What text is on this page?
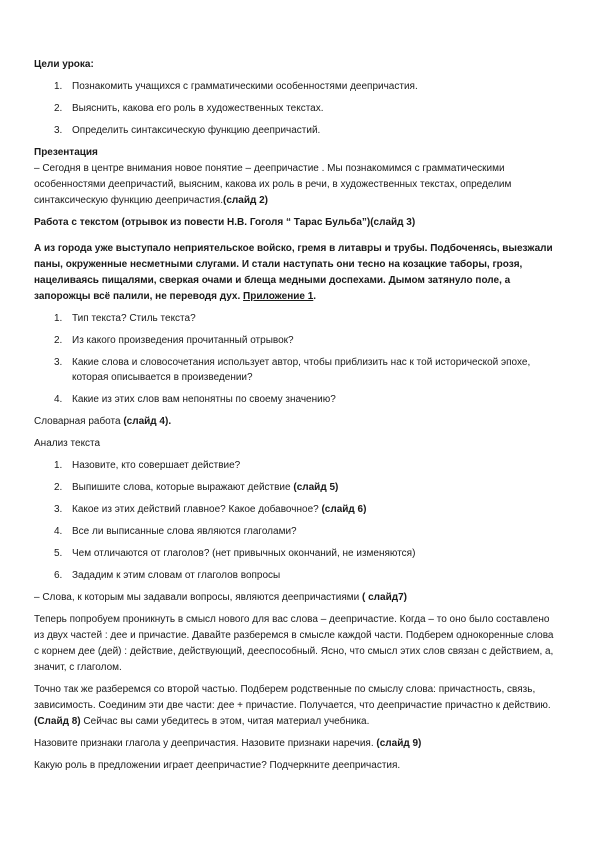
Цели урока:

1. Познакомить учащихся с грамматическими особенностями деепричастия.
2. Выяснить, какова его роль в художественных текстах.
3. Определить синтаксическую функцию деепричастий.

Презентация

– Сегодня в центре внимания новое понятие – деепричастие . Мы познакомимся с грамматическими особенностями деепричастий, выясним, какова их роль в речи, в художественных текстах, определим синтаксическую функцию деепричастия.(слайд 2)

Работа с текстом (отрывок из повести Н.В. Гоголя “ Тарас Бульба”)(слайд 3)

А из города уже выступало неприятельское войско, гремя в литавры и трубы. Подбоченясь, выезжали паны, окруженные несметными слугами. И стали наступать они тесно на козацкие таборы, грозя, нацеливаясь пищалями, сверкая очами и блеща медными доспехами. Дымом затянуло поле, а запорожцы всё палили, не переводя дух. Приложение 1.

1. Тип текста? Стиль текста?
2. Из какого произведения прочитанный отрывок?
3. Какие слова и словосочетания использует автор, чтобы приблизить нас к той исторической эпохе, которая описывается в произведении?
4. Какие из этих слов вам непонятны по своему значению?

Словарная работа (слайд 4).

Анализ текста

1. Назовите, кто совершает действие?
2. Выпишите слова, которые выражают действие (слайд 5)
3. Какое из этих действий главное? Какое добавочное? (слайд 6)
4. Все ли выписанные слова являются глаголами?
5. Чем отличаются от глаголов? (нет привычных окончаний, не изменяются)
6. Зададим к этим словам от глаголов вопросы

– Слова, к которым мы задавали вопросы, являются деепричастиями ( слайд7)

Теперь попробуем проникнуть в смысл нового для вас слова – деепричастие. Когда – то оно было составлено из двух частей : дее и причастие. Давайте разберемся в смысле каждой части. Подберем однокоренные слова с корнем дее (дей) : действие, действующий, дееспособный. Ясно, что смысл этих слов связан с действием, а, значит, с глаголом.

Точно так же разберемся со второй частью. Подберем родственные по смыслу слова: причастность, связь, зависимость. Соединим эти две части: дее + причастие. Получается, что деепричастие причастно к действию. (Слайд 8) Сейчас вы сами убедитесь в этом, читая материал учебника.

Назовите признаки глагола у деепричастия. Назовите признаки наречия. (слайд 9)

Какую роль в предложении играет деепричастие? Подчеркните деепричастия.
